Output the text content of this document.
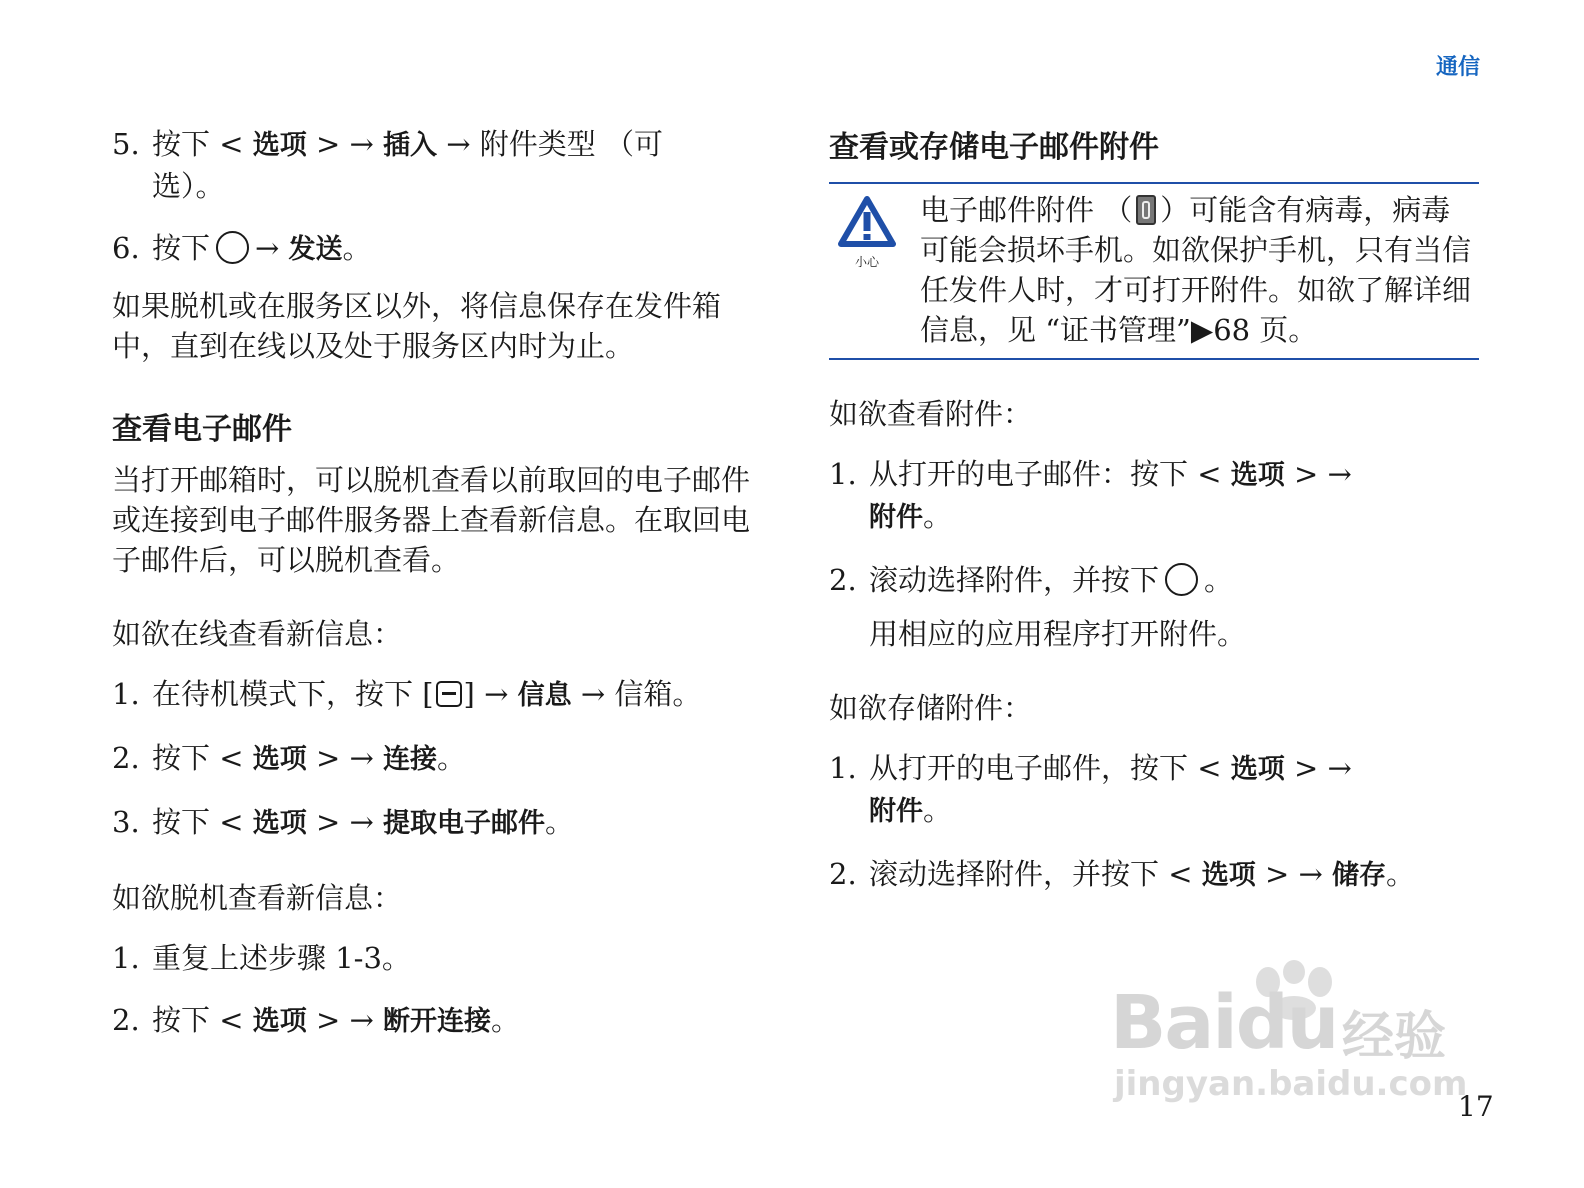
通信
5. 按下 < 选项 > → 插入 → 附件类型 （可
选）。
6. 按下 → 发送。

如果脱机或在服务区以外，将信息保存在发件箱中，直到在线以及处于服务区内时为止。

查看电子邮件

当打开邮箱时，可以脱机查看以前取回的电子邮件或连接到电子邮件服务器上查看新信息。在取回电子邮件后，可以脱机查看。

如欲在线查看新信息：

1. 在待机模式下，按下 [ ] → 信息 → 信箱。
2. 按下 < 选项 > → 连接。
3. 按下 < 选项 > → 提取电子邮件。

如欲脱机查看新信息：

1. 重复上述步骤 1-3。
2. 按下 < 选项 > → 断开连接。
查看或存储电子邮件附件
小心
电子邮件附件 （ ）可能含有病毒，病毒可能会损坏手机。如欲保护手机，只有当信任发件人时，才可打开附件。如欲了解详细信息，见 “证书管理”▶68 页。

如欲查看附件：

1. 从打开的电子邮件：按下 < 选项 > →
附件。
2. 滚动选择附件，并按下 。

用相应的应用程序打开附件。

如欲存储附件：

1. 从打开的电子邮件，按下 < 选项 > →
附件。
2. 滚动选择附件，并按下 < 选项 > → 储存。
Baidu 经验
jingyan.baidu.com
17
